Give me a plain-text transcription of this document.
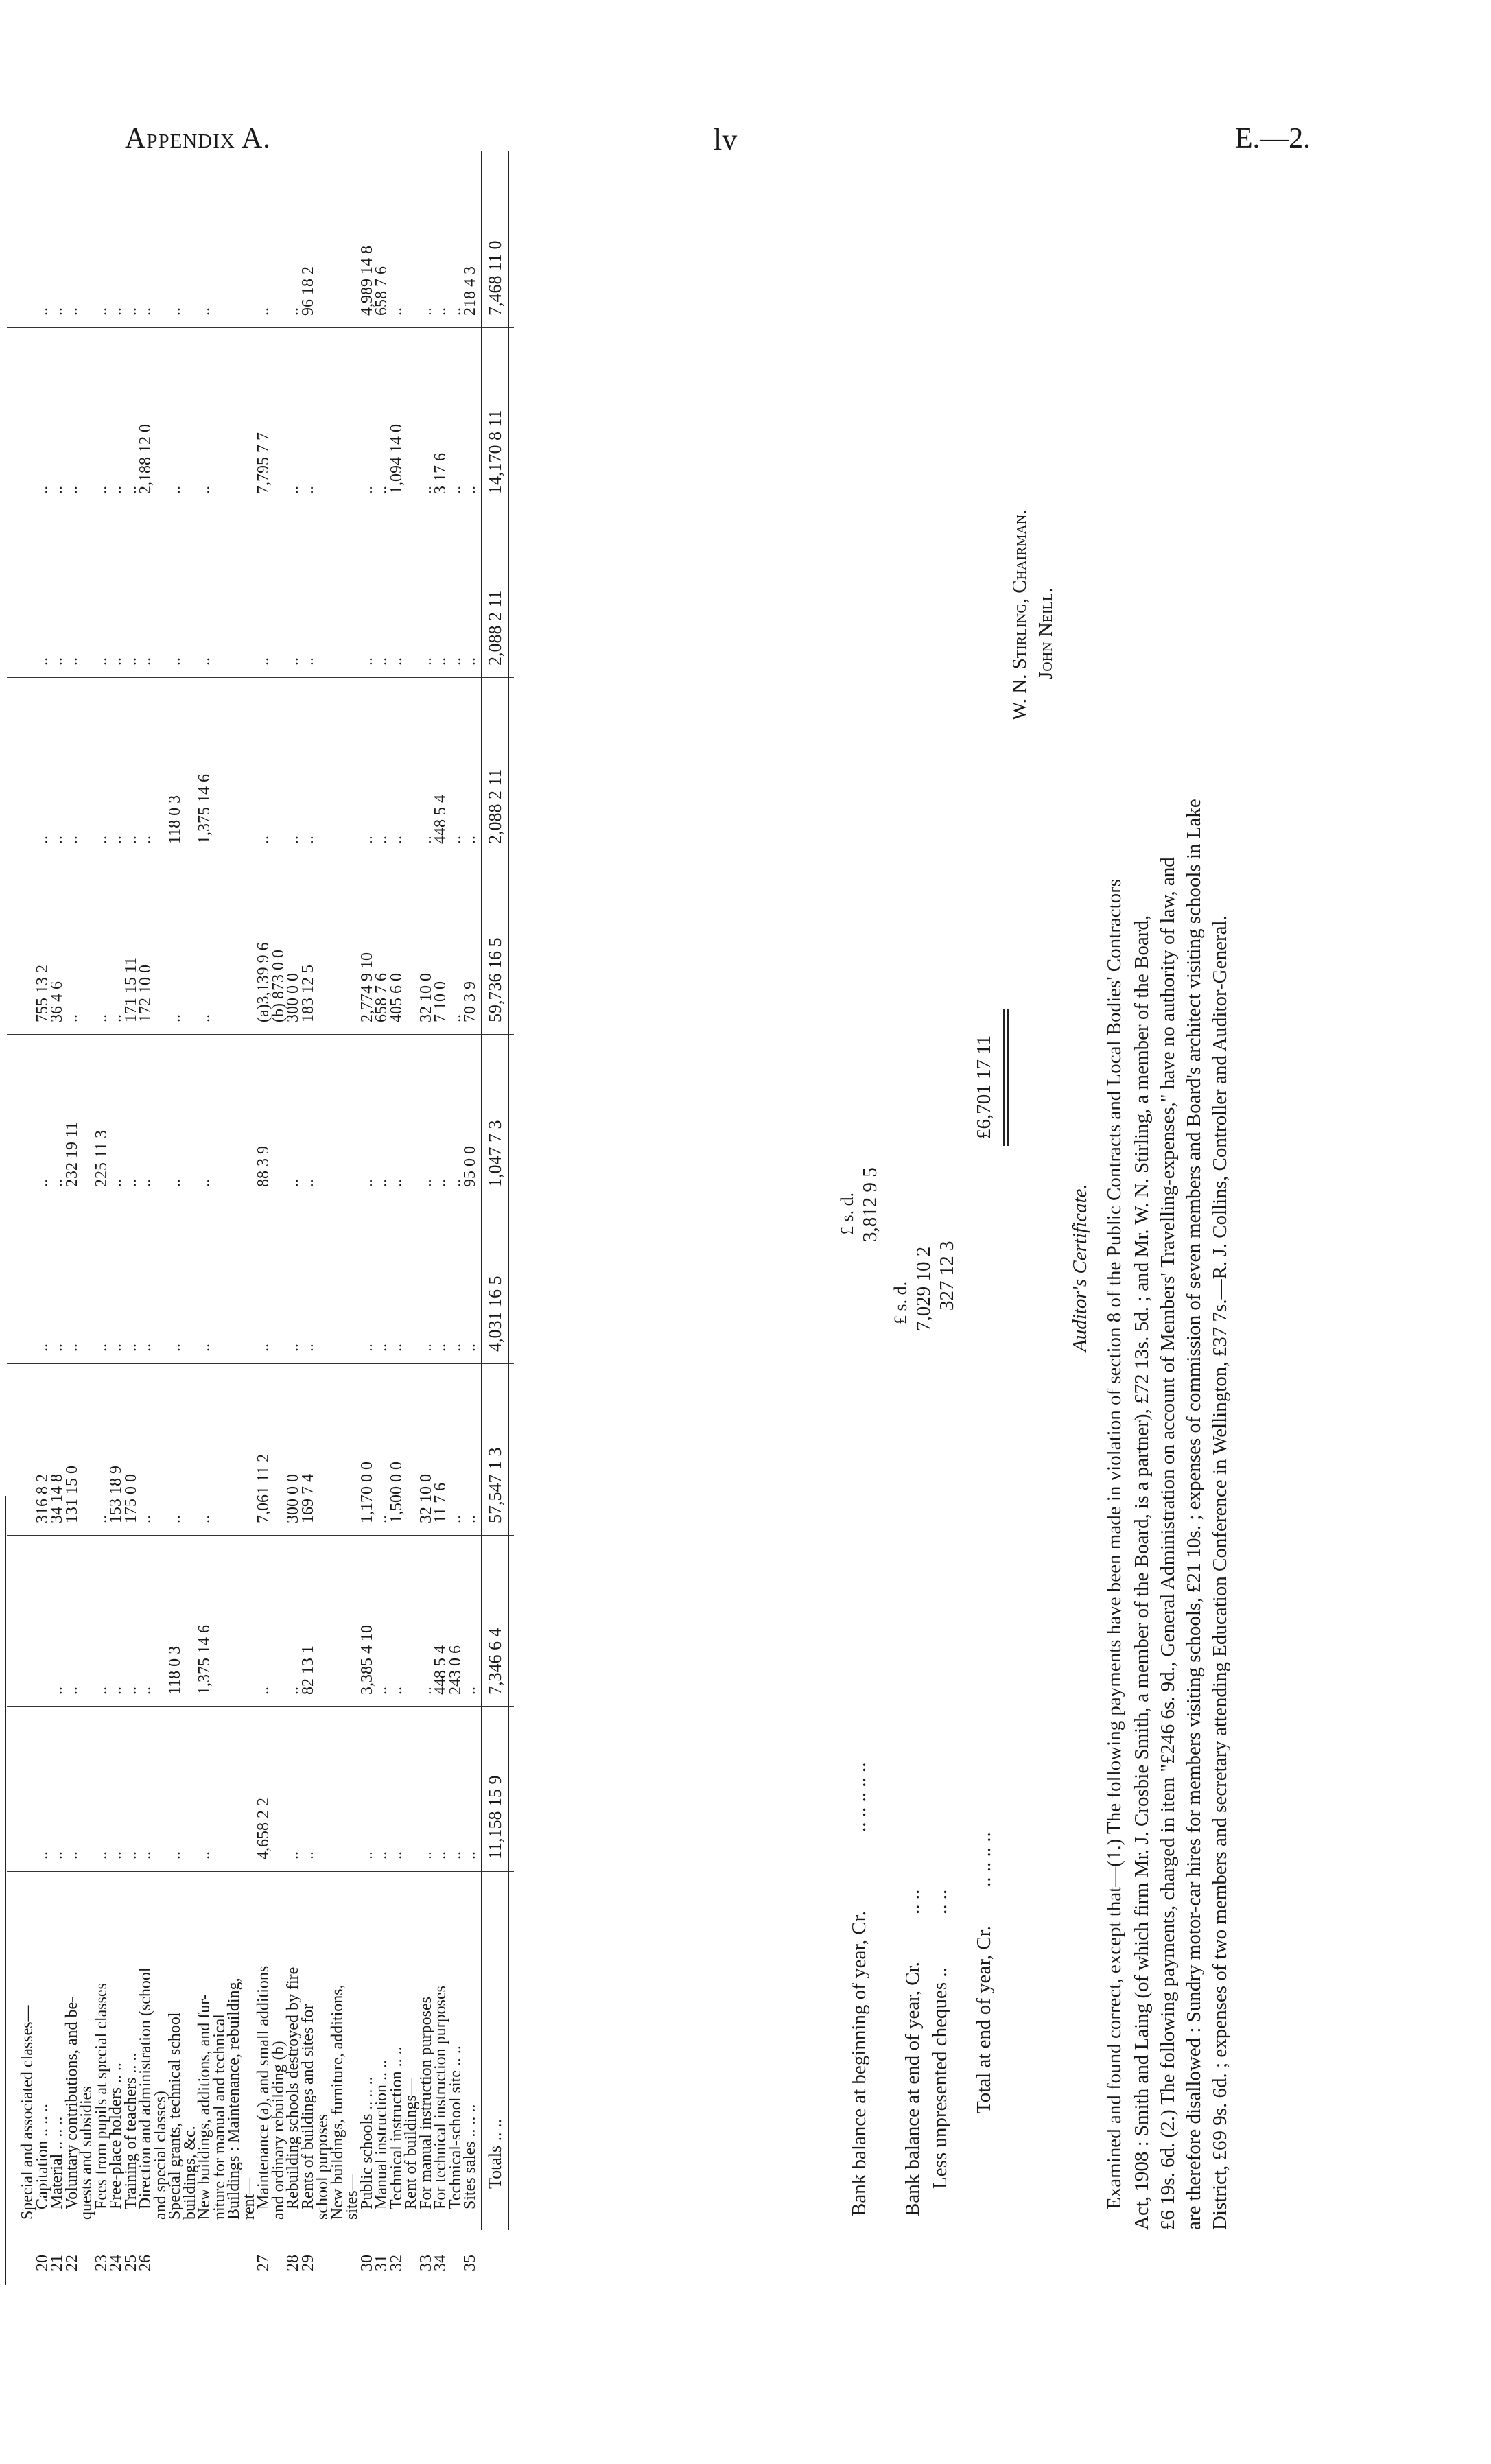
Appendix A.	lv	E.—2.
Special and associated classes—
20
Capitation .. .. ..
..
316 8 2
..
..
755 13 2
..
..
..
..
21
Material .. .. ..
..
..
34 14 8
..
..
36 4 6
..
..
..
..
22
Voluntary contributions, and be-
..
..
131 15 0
..
232 19 11
..
..
..
..
..
quests and subsidies
23
Fees from pupils at special classes
..
..
..
..
225 11 3
..
..
..
..
..
24
Free-place holders .. ..
..
..
153 18 9
..
..
..
..
..
..
..
25
Training of teachers .. ..
..
..
175 0 0
..
..
171 15 11
..
..
..
..
26
Direction and administration (school
..
..
..
..
..
172 10 0
..
..
2,188 12 0
..
and special classes)
Special grants, technical school
..
118 0 3
..
..
..
..
118 0 3
..
..
..
buildings, &c.
New buildings, additions, and fur-
..
1,375 14 6
..
..
..
..
1,375 14 6
..
..
..
niture for manual and technical
Buildings : Maintenance, rebuilding,
rent—
27
Maintenance (a), and small additions
4,658 2 2
..
7,061 11 2
..
88 3 9
(a)3,139 9 6
..
..
7,795 7 7
..
and ordinary rebuilding (b)
(b) 873 0 0
28
Rebuilding schools destroyed by fire
..
..
300 0 0
..
..
300 0 0
..
..
..
..
29
Rents of buildings and sites for
..
82 13 1
169 7 4
..
..
183 12 5
..
..
..
96 18 2
school purposes
New buildings, furniture, additions,
sites—
30
Public schools .. .. ..
..
3,385 4 10
1,170 0 0
..
..
2,774 9 10
..
..
..
4,989 14 8
31
Manual instruction .. ..
..
..
..
..
..
658 7 6
..
..
..
658 7 6
32
Technical instruction .. ..
..
..
1,500 0 0
..
..
405 6 0
..
..
1,094 14 0
..
Rent of buildings—
33
For manual instruction purposes
..
..
32 10 0
..
..
32 10 0
..
..
..
..
34
For technical instruction purposes
..
448 5 4
11 7 6
..
..
7 10 0
448 5 4
..
3 17 6
..
Technical-school site .. ..
..
243 0 6
..
..
..
..
..
..
..
..
35
Sites sales .. .. ..
..
..
..
..
95 0 0
70 3 9
..
..
..
218 4 3
Totals .. ..
11,158 15 9
7,346 6 4
57,547 1 3
4,031 16 5
1,047 7 3
59,736 16 5
2,088 2 11
2,088 2 11
14,170 8 11
7,468 11 0
Bank balance at beginning of year, Cr.
.. .. .. .. ..
£ s. d. 3,812 9 5
Bank balance at end of year, Cr.
.. ..
£ s. d. 7,029 10 2
Less unpresented cheques ..
.. ..
327 12 3
Total at end of year, Cr.
.. .. .. ..
£6,701 17 11
W. N. Stirling, Chairman. John Neill.
Auditor's Certificate. Examined and found correct, except that—(1.) The following payments have been made in violation of section 8 of the Public Contracts and Local Bodies' Contractors Act, 1908 : Smith and Laing (of which firm Mr. J. Crosbie Smith, a member of the Board, is a partner), £72 13s. 5d. ; and Mr. W. N. Stirling, a member of the Board, £6 19s. 6d. (2.) The following payments, charged in item "£246 6s. 9d., General Administration on account of Members' Travelling-expenses," have no authority of law, and are therefore disallowed : Sundry motor-car hires for members visiting schools, £21 10s. ; expenses of commission of seven members and Board's architect visiting schools in Lake District, £69 9s. 6d. ; expenses of two members and secretary attending Education Conference in Wellington, £37 7s.—R. J. Collins, Controller and Auditor-General.
